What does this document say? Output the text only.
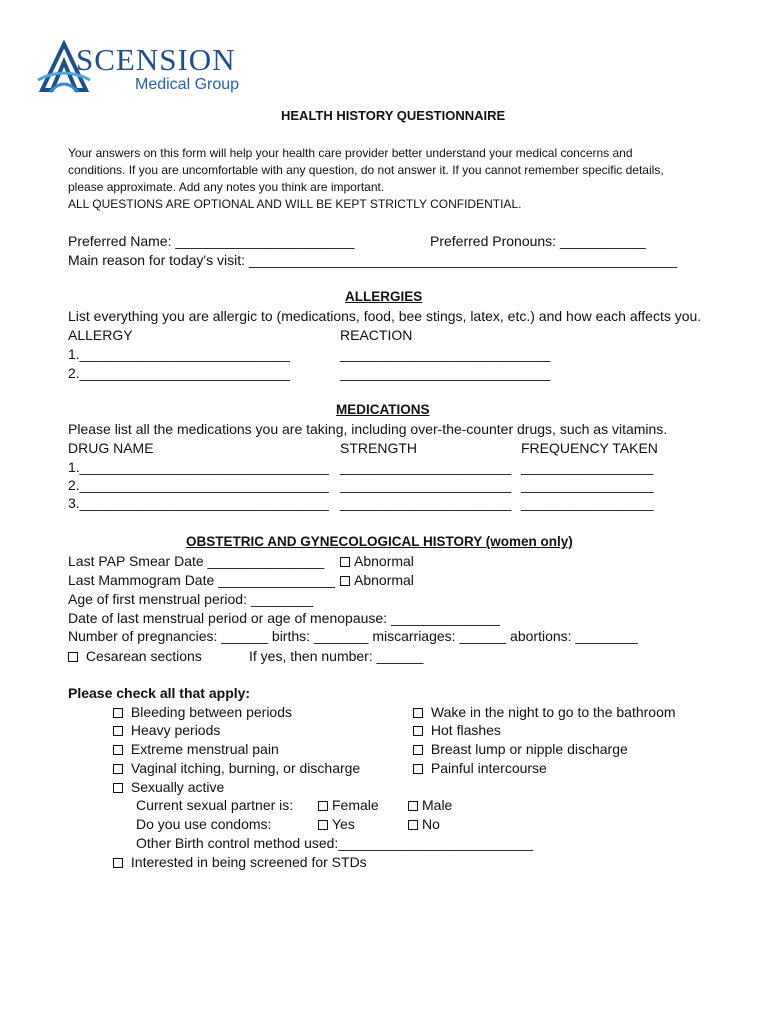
SCENSION
Medical Group
HEALTH HISTORY QUESTIONNAIRE
Your answers on this form will help your health care provider better understand your medical concerns and
conditions. If you are uncomfortable with any question, do not answer it. If you cannot remember specific details,
please approximate. Add any notes you think are important.
ALL QUESTIONS ARE OPTIONAL AND WILL BE KEPT STRICTLY CONFIDENTIAL.
Preferred Name: _______________________	Preferred Pronouns: ___________
Main reason for today's visit: _______________________________________________________
ALLERGIES
List everything you are allergic to (medications, food, bee stings, latex, etc.) and how each affects you.
ALLERGY	REACTION
1.___________________________	___________________________
2.___________________________	___________________________
MEDICATIONS
Please list all the medications you are taking, including over-the-counter drugs, such as vitamins.
DRUG NAME	STRENGTH	FREQUENCY TAKEN
1.________________________________ ______________________ _________________
2.________________________________ ______________________ _________________
3.________________________________ ______________________ _________________
OBSTETRIC AND GYNECOLOGICAL HISTORY (women only)
Last PAP Smear Date _______________	Abnormal
Last Mammogram Date _______________	Abnormal
Age of first menstrual period: ________
Date of last menstrual period or age of menopause: ______________
Number of pregnancies: ______ births: _______ miscarriages: ______ abortions: ________
Cesarean sections	If yes, then number: ______
Please check all that apply:
Bleeding between periods
Heavy periods
Extreme menstrual pain
Vaginal itching, burning, or discharge
Sexually active
Wake in the night to go to the bathroom
Hot flashes
Breast lump or nipple discharge
Painful intercourse
Current sexual partner is:	Female	Male
Do you use condoms:	Yes	No
Other Birth control method used:_________________________
Interested in being screened for STDs
